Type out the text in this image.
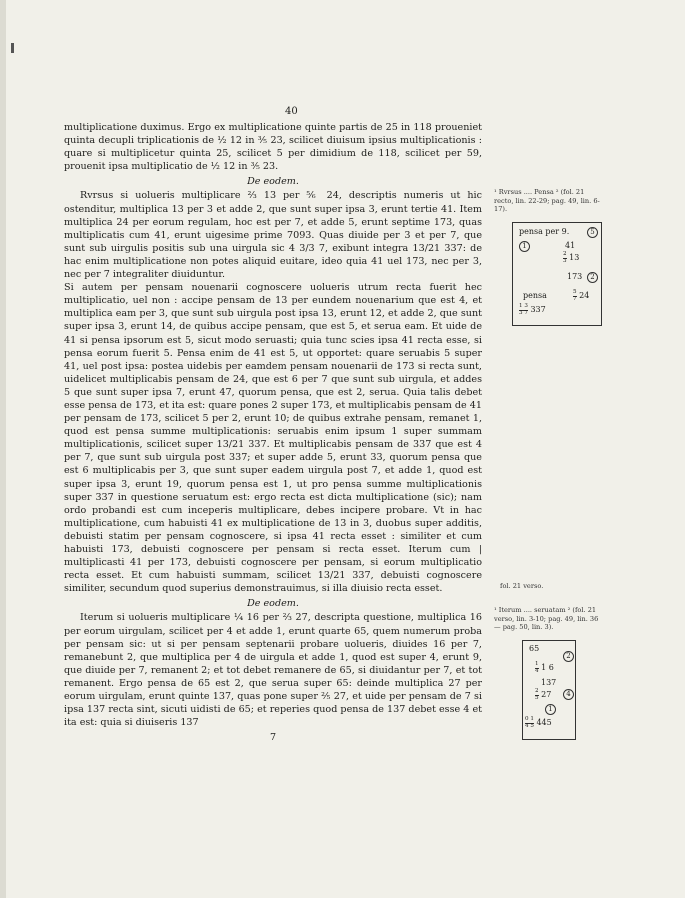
40

multiplicatione duximus. Ergo ex multiplicatione quinte partis de 25 in 118 proueniet quinta decupli triplicationis de ½ 12 in ⅗ 23, scilicet diuisum ipsius multiplicationis : quare si multiplicetur quinta 25, scilicet 5 per dimidium de 118, scilicet per 59, prouenit ipsa multiplicatio de ½ 12 in ⅗ 23.

De eodem.

Rvrsus si uolueris multiplicare ⅔ 13 per ⅚ 24, descriptis numeris ut hic ostenditur, multiplica 13 per 3 et adde 2, que sunt super ipsa 3, erunt tertie 41. Item multiplica 24 per eorum regulam, hoc est per 7, et adde 5, erunt septime 173, quas multiplicatis cum 41, erunt uigesime prime 7093. Quas diuide per 3 et per 7, que sunt sub uirgulis positis sub una uirgula sic 4 3/3 7, exibunt integra 13/21 337: de hac enim multiplicatione non potes aliquid euitare, ideo quia 41 uel 173, nec per 3, nec per 7 integraliter diuiduntur.

Si autem per pensam nouenarii cognoscere uolueris utrum recta fuerit hec multiplicatio, uel non : accipe pensam de 13 per eundem nouenarium que est 4, et multiplica eam per 3, que sunt sub uirgula post ipsa 13, erunt 12, et adde 2, que sunt super ipsa 3, erunt 14, de quibus accipe pensam, que est 5, et serua eam. Et uide de 41 si pensa ipsorum est 5, sicut modo seruasti; quia tunc scies ipsa 41 recta esse, si pensa eorum fuerit 5. Pensa enim de 41 est 5, ut opportet: quare seruabis 5 super 41, uel post ipsa: postea uidebis per eamdem pensam nouenarii de 173 si recta sunt, uidelicet multiplicabis pensam de 24, que est 6 per 7 que sunt sub uirgula, et addes 5 que sunt super ipsa 7, erunt 47, quorum pensa, que est 2, serua. Quia talis debet esse pensa de 173, et ita est: quare pones 2 super 173, et multiplicabis pensam de 41 per pensam de 173, scilicet 5 per 2, erunt 10; de quibus extrahe pensam, remanet 1, quod est pensa summe multiplicationis: seruabis enim ipsum 1 super summam multiplicationis, scilicet super 13/21 337. Et multiplicabis pensam de 337 que est 4 per 7, que sunt sub uirgula post 337; et super adde 5, erunt 33, quorum pensa que est 6 multiplicabis per 3, que sunt super eadem uirgula post 7, et adde 1, quod est super ipsa 3, erunt 19, quorum pensa est 1, ut pro pensa summe multiplicationis super 337 in questione seruatum est: ergo recta est dicta multiplicatione (sic); nam ordo probandi est cum inceperis multiplicare, debes incipere probare. Vt in hac multiplicatione, cum habuisti 41 ex multiplicatione de 13 in 3, duobus super additis, debuisti statim per pensam cognoscere, si ipsa 41 recta esset : similiter et cum habuisti 173, debuisti cognoscere per pensam si recta esset. Iterum cum | multiplicasti 41 per 173, debuisti cognoscere per pensam, si eorum multiplicatio recta esset. Et cum habuisti summam, scilicet 13/21 337, debuisti cognoscere similiter, secundum quod superius demonstrauimus, si illa diuisio recta esset.

De eodem.

Iterum si uolueris multiplicare ¼ 16 per ⅔ 27, descripta questione, multiplica 16 per eorum uirgulam, scilicet per 4 et adde 1, erunt quarte 65, quem numerum proba per pensam sic: ut si per pensam septenarii probare uolueris, diuides 16 per 7, remanebunt 2, que multiplica per 4 de uirgula et adde 1, quod est super 4, erunt 9, que diuide per 7, remanent 2; et tot debet remanere de 65, si diuidantur per 7, et tot remanent. Ergo pensa de 65 est 2, que serua super 65: deinde multiplica 27 per eorum uirgulam, erunt quinte 137, quas pone super ⅖ 27, et uide per pensam de 7 si ipsa 137 recta sint, sicuti uidisti de 65; et reperies quod pensa de 137 debet esse 4 et ita est: quia si diuiseris 137

7

¹ Rvrsus .... Pensa ² (fol. 21 recto, lin. 22-29; pag. 49, lin. 6-17).
pensa per 9.	5
1	41
$\frac{2}{3} 13$
173	2
pensa	$\frac{5}{7} 24$
$\frac{1 3}{3 7} 337$
fol. 21 verso.
¹ Iterum .... seruatam ² (fol. 21 verso, lin. 3-10; pag. 49, lin. 36 — pag. 50, lin. 3).
65
2
$\frac{1}{4} 1$ 6
137
$\frac{2}{5} 27$	4
1
$\frac{0 1}{4 5} 445$
